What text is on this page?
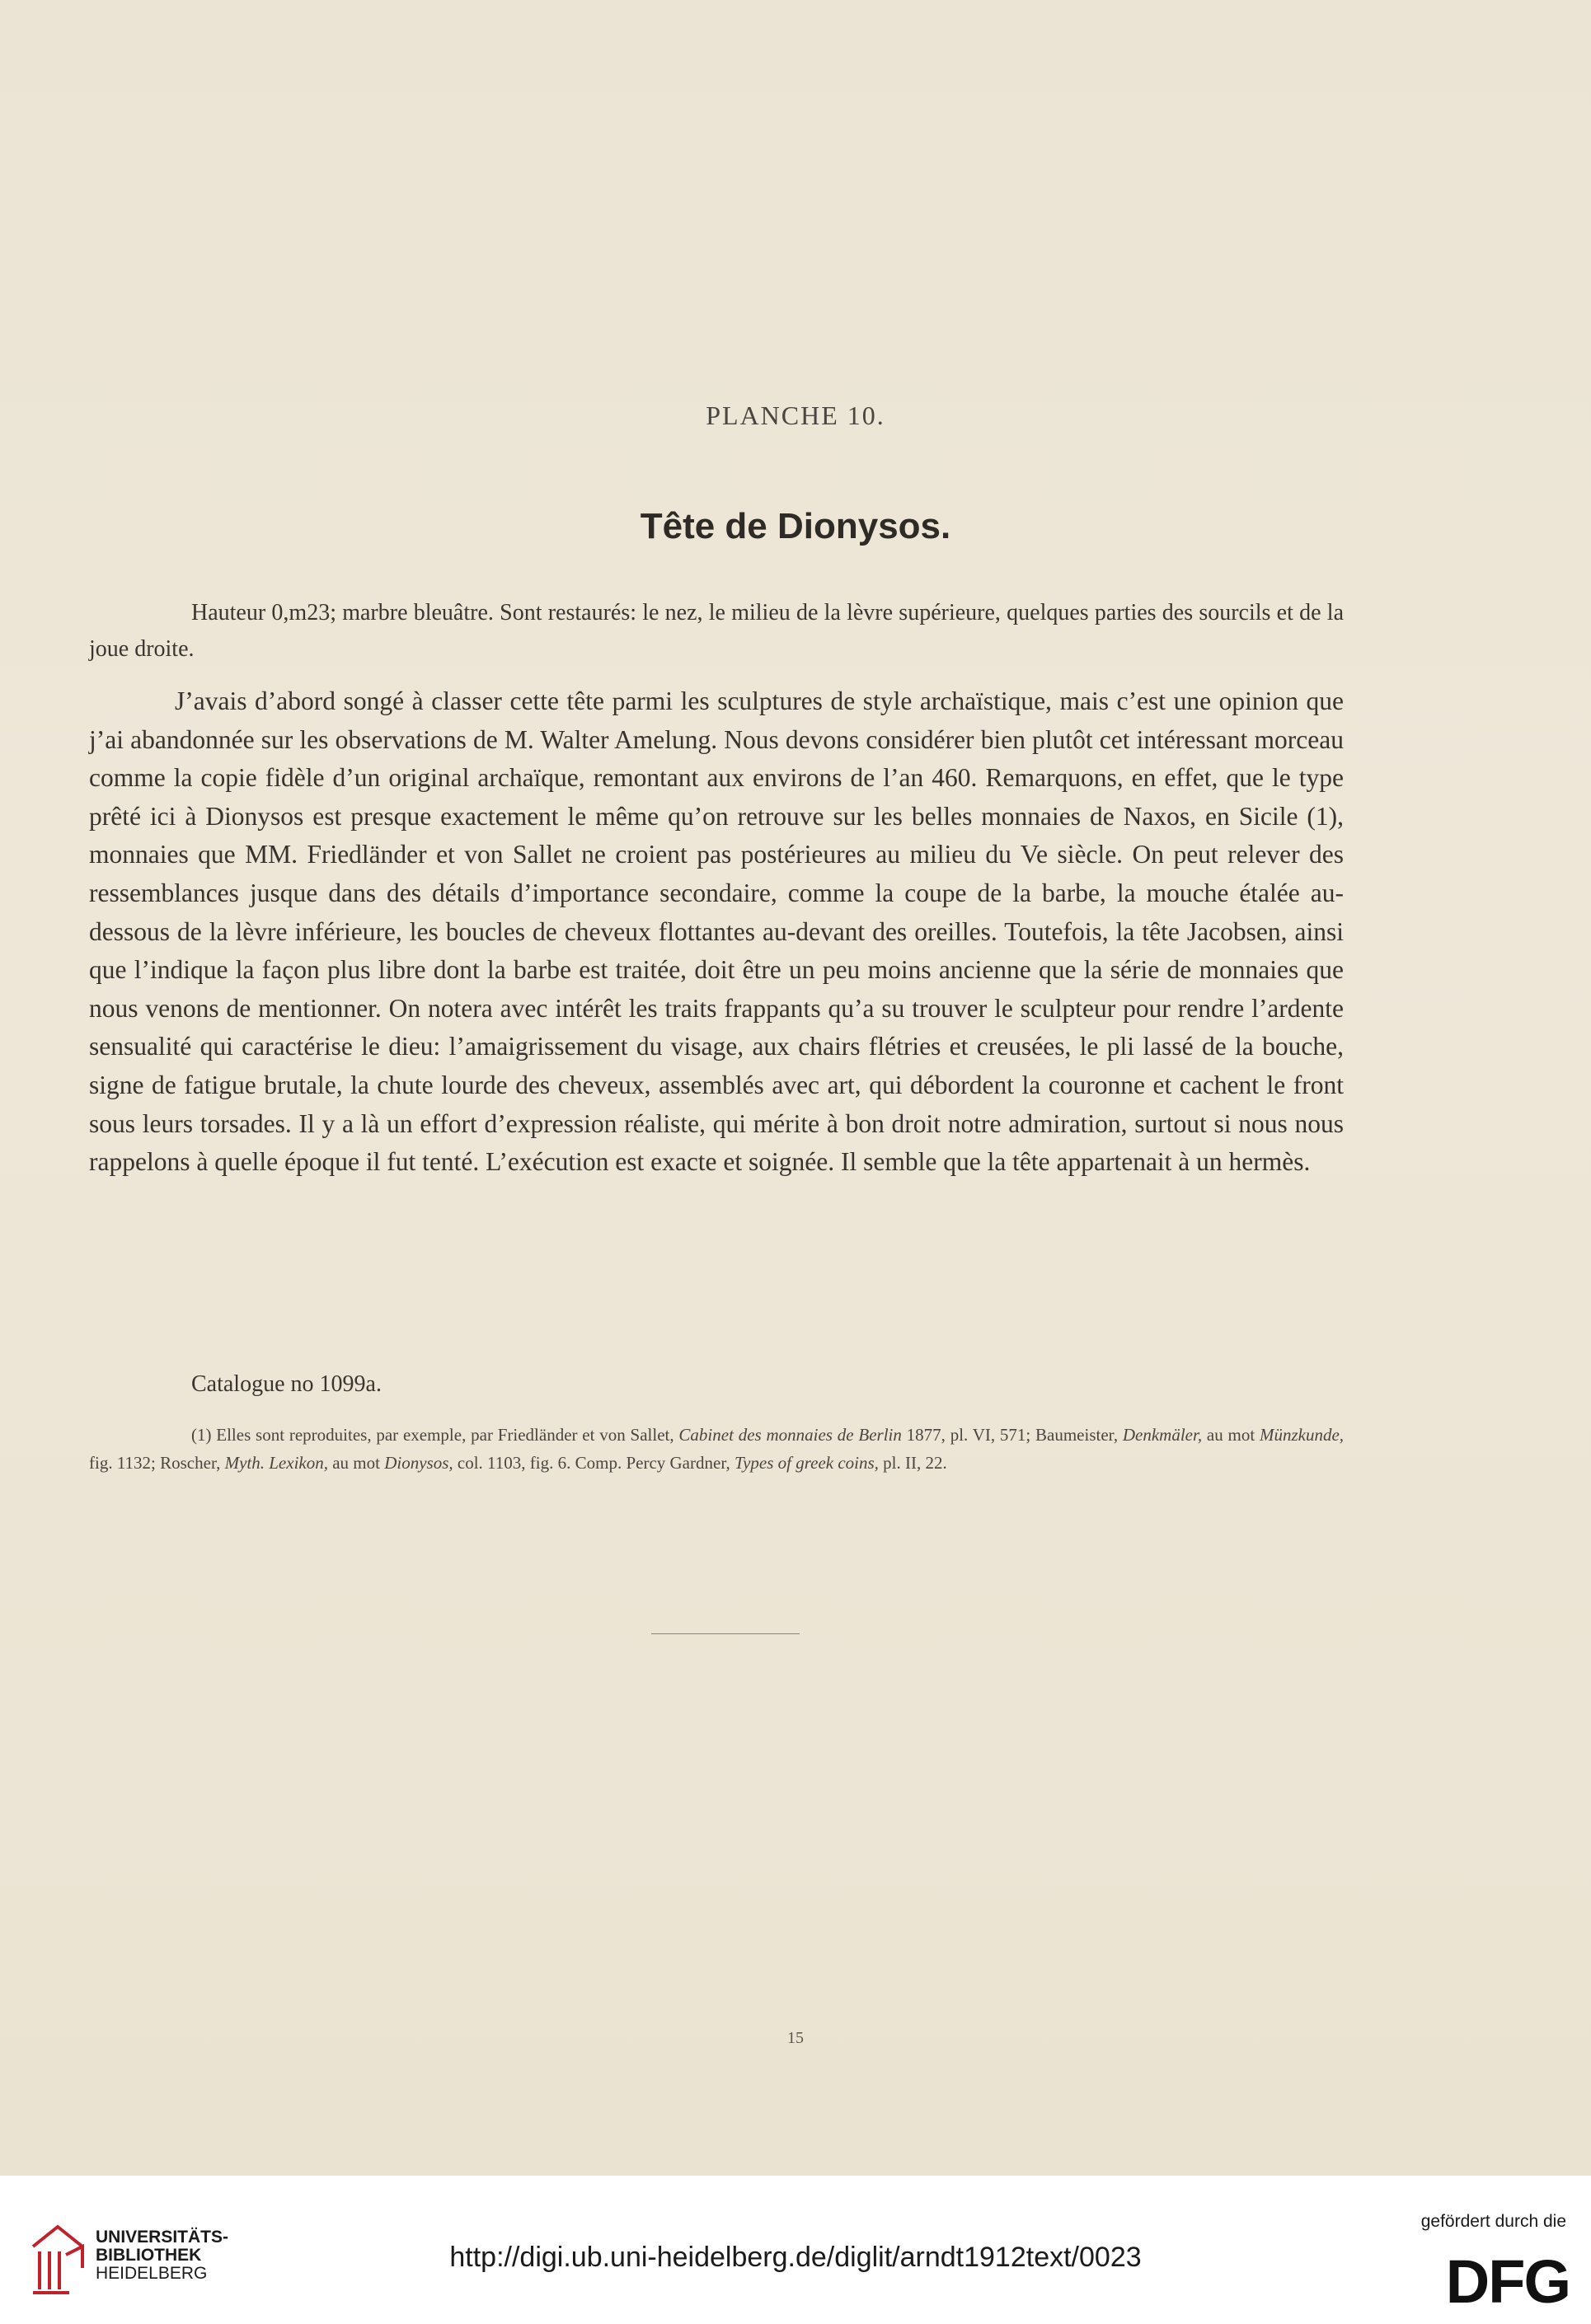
PLANCHE 10.
Tête de Dionysos.
Hauteur 0,m23; marbre bleuâtre. Sont restaurés: le nez, le milieu de la lèvre supérieure, quelques parties des sourcils et de la joue droite.
J’avais d’abord songé à classer cette tête parmi les sculptures de style archaïstique, mais c’est une opinion que j’ai abandonnée sur les observations de M. Walter Amelung. Nous devons considérer bien plutôt cet intéressant morceau comme la copie fidèle d’un original archaïque, remontant aux environs de l’an 460. Remarquons, en effet, que le type prêté ici à Dionysos est presque exactement le même qu’on retrouve sur les belles monnaies de Naxos, en Sicile (1), monnaies que MM. Friedländer et von Sallet ne croient pas postérieures au milieu du Ve siècle. On peut relever des ressemblances jusque dans des détails d’importance secondaire, comme la coupe de la barbe, la mouche étalée au-dessous de la lèvre inférieure, les boucles de cheveux flottantes au-devant des oreilles. Toutefois, la tête Jacobsen, ainsi que l’indique la façon plus libre dont la barbe est traitée, doit être un peu moins ancienne que la série de monnaies que nous venons de mentionner. On notera avec intérêt les traits frappants qu’a su trouver le sculpteur pour rendre l’ardente sensualité qui caractérise le dieu: l’amaigrissement du visage, aux chairs flétries et creusées, le pli lassé de la bouche, signe de fatigue brutale, la chute lourde des cheveux, assemblés avec art, qui débordent la couronne et cachent le front sous leurs torsades. Il y a là un effort d’expression réaliste, qui mérite à bon droit notre admiration, surtout si nous nous rappelons à quelle époque il fut tenté. L’exécution est exacte et soignée. Il semble que la tête appartenait à un hermès.
Catalogue no 1099a.
(1) Elles sont reproduites, par exemple, par Friedländer et von Sallet, Cabinet des monnaies de Berlin 1877, pl. VI, 571; Baumeister, Denkmäler, au mot Münzkunde, fig. 1132; Roscher, Myth. Lexikon, au mot Dionysos, col. 1103, fig. 6. Comp. Percy Gardner, Types of greek coins, pl. II, 22.
15
UNIVERSITÄTS-
BIBLIOTHEK
HEIDELBERG
http://digi.ub.uni-heidelberg.de/diglit/arndt1912text/0023
gefördert durch die
DFG
